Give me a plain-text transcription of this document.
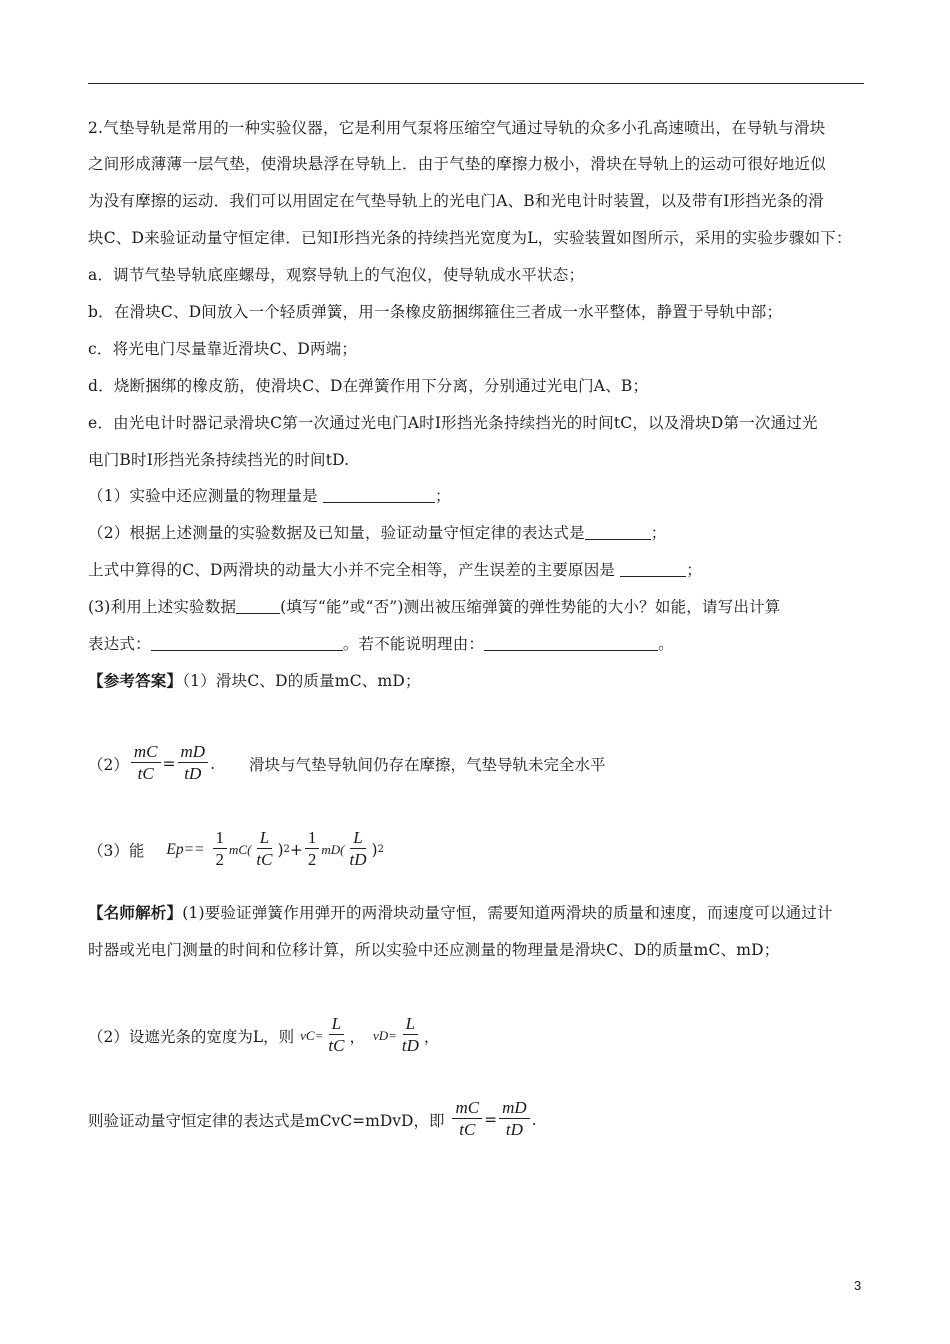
2.气垫导轨是常用的一种实验仪器，它是利用气泵将压缩空气通过导轨的众多小孔高速喷出，在导轨与滑块
之间形成薄薄一层气垫，使滑块悬浮在导轨上．由于气垫的摩擦力极小，滑块在导轨上的运动可很好地近似
为没有摩擦的运动．我们可以用固定在气垫导轨上的光电门A、B和光电计时装置，以及带有Ⅰ形挡光条的滑
块C、D来验证动量守恒定律．已知Ⅰ形挡光条的持续挡光宽度为L，实验装置如图所示，采用的实验步骤如下：
a．调节气垫导轨底座螺母，观察导轨上的气泡仪，使导轨成水平状态；
b．在滑块C、D间放入一个轻质弹簧，用一条橡皮筋捆绑箍住三者成一水平整体，静置于导轨中部；
c．将光电门尽量靠近滑块C、D两端；
d．烧断捆绑的橡皮筋，使滑块C、D在弹簧作用下分离，分别通过光电门A、B；
e．由光电计时器记录滑块C第一次通过光电门A时Ⅰ形挡光条持续挡光的时间tC，以及滑块D第一次通过光
电门B时Ⅰ形挡光条持续挡光的时间tD.
（1）实验中还应测量的物理量是	；
（2）根据上述测量的实验数据及已知量，验证动量守恒定律的表达式是	；
上式中算得的C、D两滑块的动量大小并不完全相等，产生误差的主要原因是	；
(3)利用上述实验数据	(填写“能”或“否”)测出被压缩弹簧的弹性势能的大小？如能，请写出计算
表达式：	。若不能说明理由：	。
【参考答案】（1）滑块C、D的质量mC、mD；
$(2) \frac{mC}{tC} = \frac{mD}{tD}$ . 滑块与气垫导轨间仍存在摩擦，气垫导轨未完全水平
（3）能 $Ep== \frac{1}{2} mC( \frac{L}{tC}$ ) $2 + \frac{1}{2} mD( \frac{L}{tD}$ ) 2
【名师解析】(1)要验证弹簧作用弹开的两滑块动量守恒，需要知道两滑块的质量和速度，而速度可以通过计
时器或光电门测量的时间和位移计算，所以实验中还应测量的物理量是滑块C、D的质量mC、mD；
（2）设遮光条的宽度为L，则 $vC= \frac{L}{tC}$ ， $vD= \frac{L}{tD}$ ，
则验证动量守恒定律的表达式是mCvC=mDvD，即 $\frac{mC}{tC} = \frac{mD}{tD}$ .
3
